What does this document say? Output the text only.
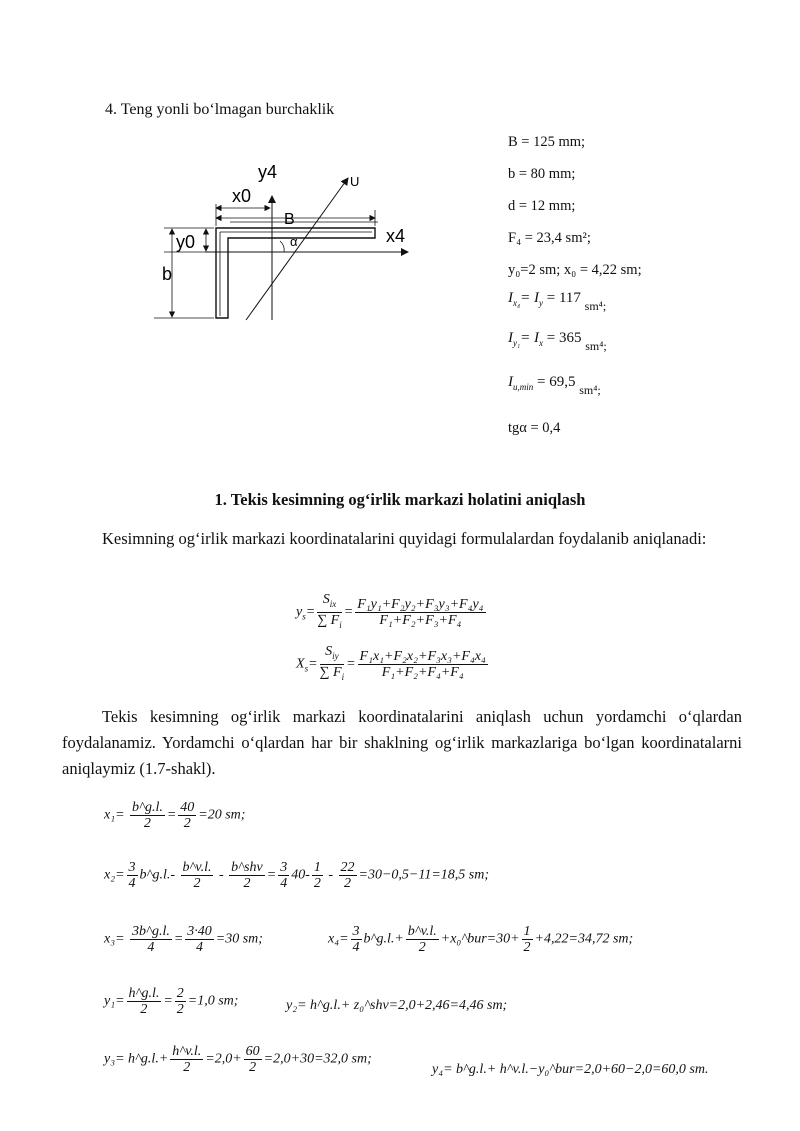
4. Teng yonli bo‘lmagan burchaklik
y4	U
x0
B
y0	x4
α
b
B = 125 mm;
b = 80 mm;
d = 12 mm;
F₄ = 23,4 sm²;
y₀=2 sm; x₀ = 4,22 sm;
$I_{x_4}= I_y = 117$ $_{sm^4;}$
$I_{y_1}= I_x = 365$ $_{sm^4;}$
$I_{u,min} = 69,5$ $_{sm^4;}$
tgα = 0,4
1. Tekis kesimning og‘irlik markazi holatini aniqlash
Kesimning og‘irlik markazi koordinatalarini quyidagi formulalardan foydalanib aniqlanadi:
$y_s= \frac{S_{ix}}{\sum F_i} = \frac{\text{F₁y₁+F₂y₂+F₃y₃+F₄y₄}}{\text{F₁+F₂+F₃+F₄}}$
$X_s= \frac{S_{iy}}{\sum F_i} = \frac{\text{F₁x₁+F₂x₂+F₃x₃+F₄x₄}}{\text{F₁+F₂+F₄+F₄}}$
Tekis kesimning og‘irlik markazi koordinatalarini aniqlash uchun yordamchi o‘qlardan foydalanamiz. Yordamchi o‘qlardan har bir shaklning og‘irlik markazlariga bo‘lgan koordinatalarni aniqlaymiz (1.7-shakl).
$x_1= \frac{b\^{}g.l.}{2} = \frac{40}{2} =20$ sm;
$x_2= \frac{3}{4}$ b^g.l.- $\frac{b\^{}v.l.}{2} - \frac{\text{b\textasciicircum{}shv}}{2} = \frac{3}{4} 40- \frac{1}{2} - \frac{22}{2} =30-0,5-11=18,5$ sm;
$x_3= \frac{3b\^{}g.l.}{4} = \frac{3\cdot 40}{4} =30$ sm;	$x_4= \frac{3}{4}$ b^g.l.+ $\frac{b\^{}v.l.}{2}$ +x₀^bur=30+ $\frac{1}{2} +4,22=34,72$ sm;
$y_1= \frac{h\^{}g.l.}{2} = \frac{2}{2} =1,0$ sm;	y₂= h^g.l.+ z₀^shv=2,0+2,46=4,46 sm;
y₃= h^g.l.+ $\frac{h\^{}v.l.}{2} =2,0+ \frac{60}{2} =2,0+30=32,0$ sm;
y₄= b^g.l.+ h^v.l.−y₀^bur=2,0+60−2,0=60,0 sm.
